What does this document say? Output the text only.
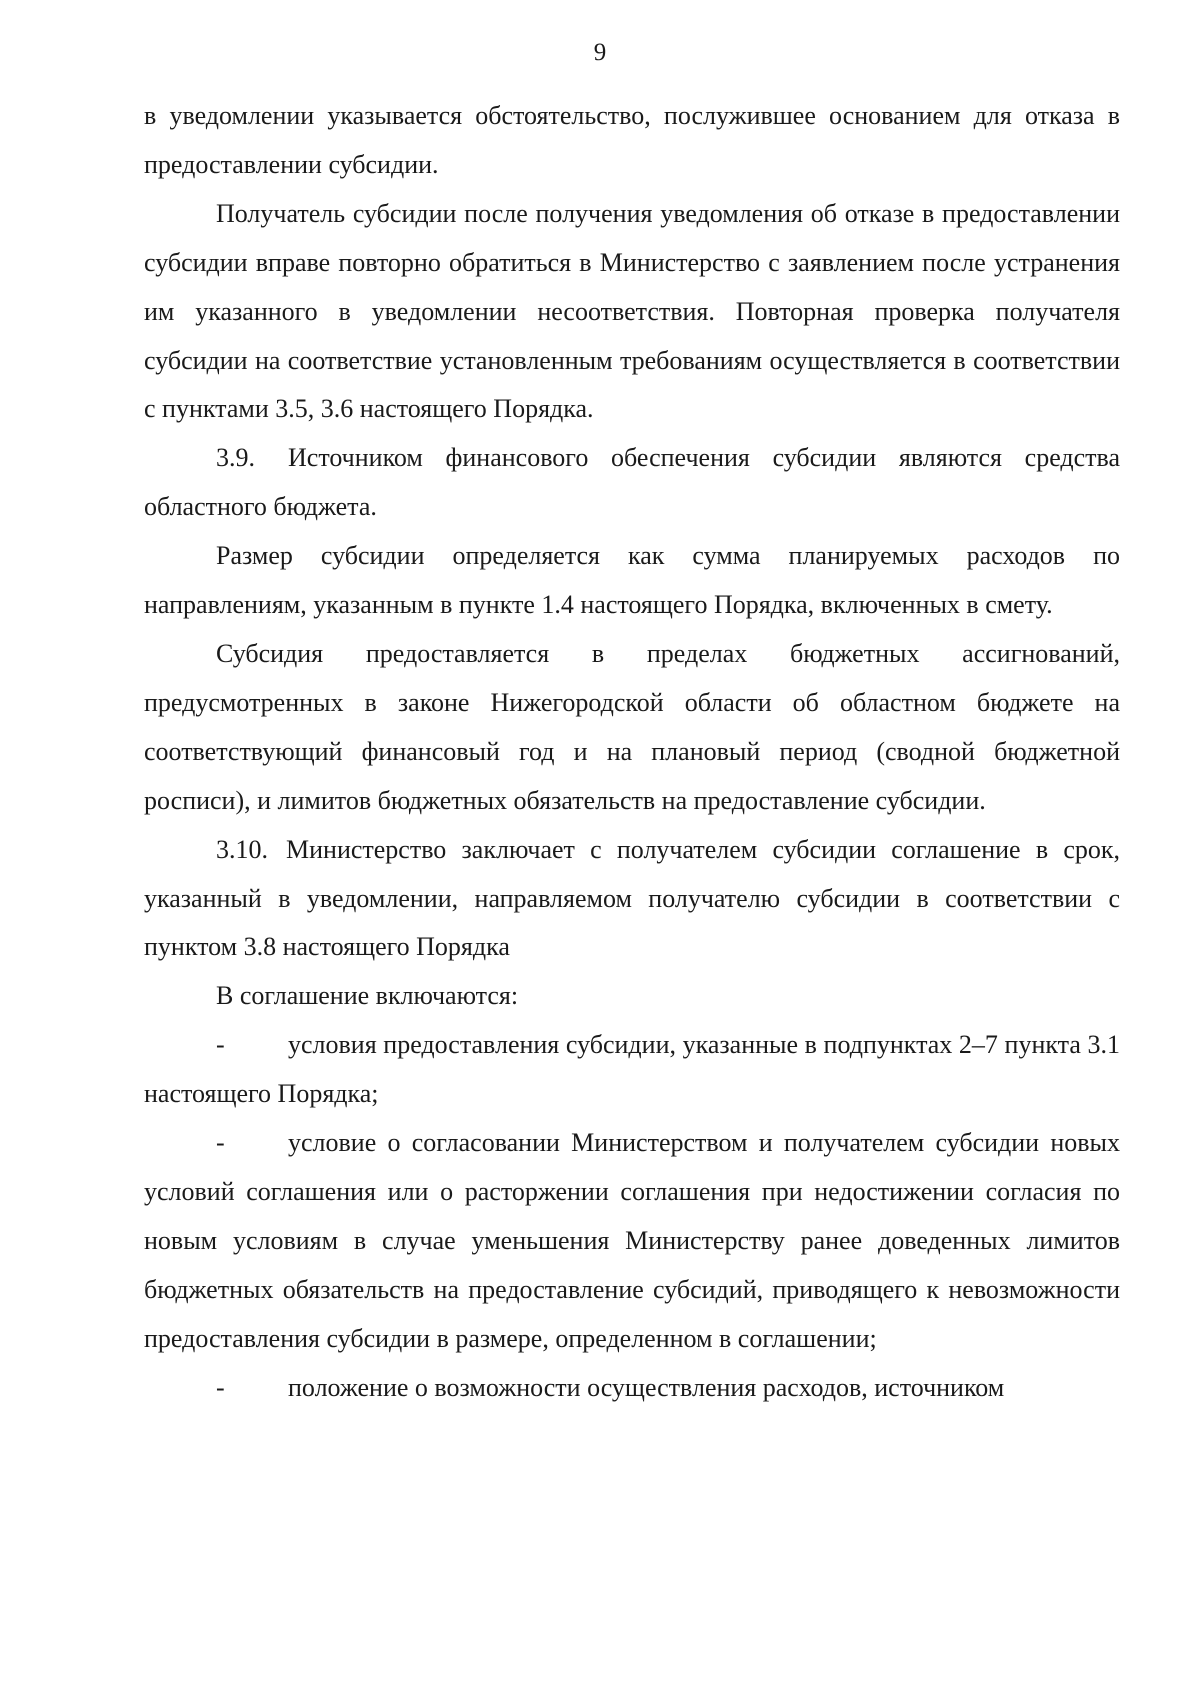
9

в уведомлении указывается обстоятельство, послужившее основанием для отказа в предоставлении субсидии.

Получатель субсидии после получения уведомления об отказе в предоставлении субсидии вправе повторно обратиться в Министерство с заявлением после устранения им указанного в уведомлении несоответствия. Повторная проверка получателя субсидии на соответствие установленным требованиям осуществляется в соответствии с пунктами 3.5, 3.6 настоящего Порядка.

3.9. Источником финансового обеспечения субсидии являются средства областного бюджета.

Размер субсидии определяется как сумма планируемых расходов по направлениям, указанным в пункте 1.4 настоящего Порядка, включенных в смету.

Субсидия предоставляется в пределах бюджетных ассигнований, предусмотренных в законе Нижегородской области об областном бюджете на соответствующий финансовый год и на плановый период (сводной бюджетной росписи), и лимитов бюджетных обязательств на предоставление субсидии.

3.10. Министерство заключает с получателем субсидии соглашение в срок, указанный в уведомлении, направляемом получателю субсидии в соответствии с пунктом 3.8 настоящего Порядка

В соглашение включаются:

- условия предоставления субсидии, указанные в подпунктах 2–7 пункта 3.1 настоящего Порядка;

- условие о согласовании Министерством и получателем субсидии новых условий соглашения или о расторжении соглашения при недостижении согласия по новым условиям в случае уменьшения Министерству ранее доведенных лимитов бюджетных обязательств на предоставление субсидий, приводящего к невозможности предоставления субсидии в размере, определенном в соглашении;

- положение о возможности осуществления расходов, источником
